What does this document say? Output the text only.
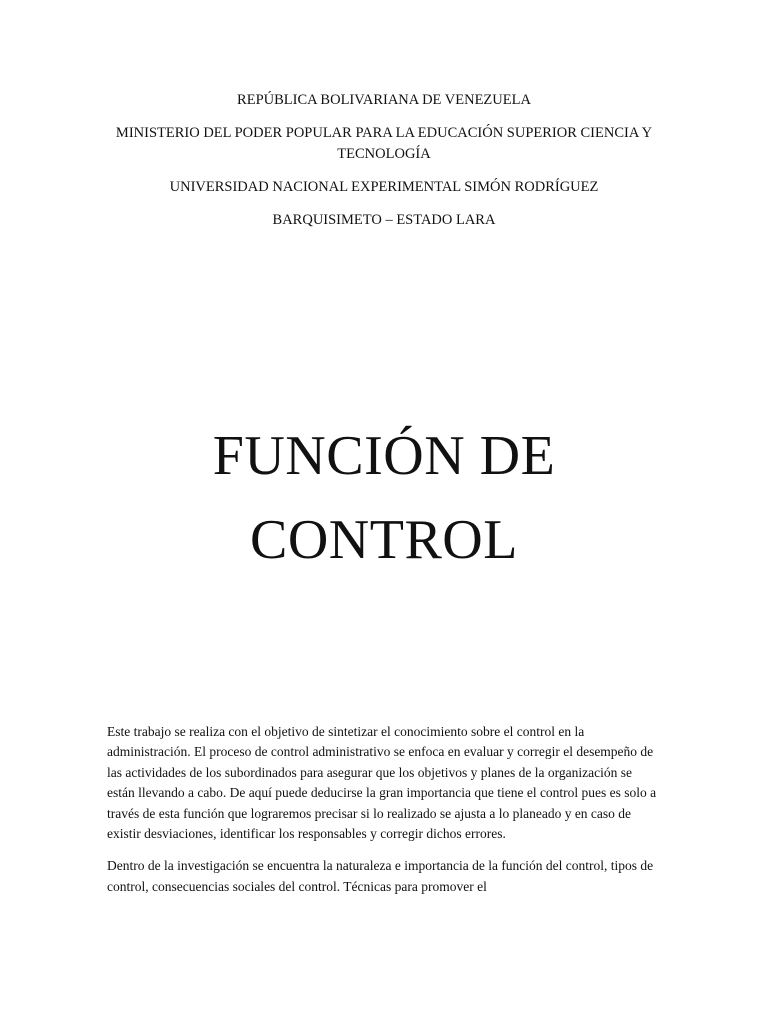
REPÚBLICA BOLIVARIANA DE VENEZUELA

MINISTERIO DEL PODER POPULAR PARA LA EDUCACIÓN SUPERIOR CIENCIA Y TECNOLOGÍA

UNIVERSIDAD NACIONAL EXPERIMENTAL SIMÓN RODRÍGUEZ

BARQUISIMETO – ESTADO LARA

FUNCIÓN DE
CONTROL

Este trabajo se realiza con el objetivo de sintetizar el conocimiento sobre el control en la administración. El proceso de control administrativo se enfoca en evaluar y corregir el desempeño de las actividades de los subordinados para asegurar que los objetivos y planes de la organización se están llevando a cabo. De aquí puede deducirse la gran importancia que tiene el control pues es solo a través de esta función que lograremos precisar si lo realizado se ajusta a lo planeado y en caso de existir desviaciones, identificar los responsables y corregir dichos errores.

Dentro de la investigación se encuentra la naturaleza e importancia de la función del control, tipos de control, consecuencias sociales del control. Técnicas para promover el
